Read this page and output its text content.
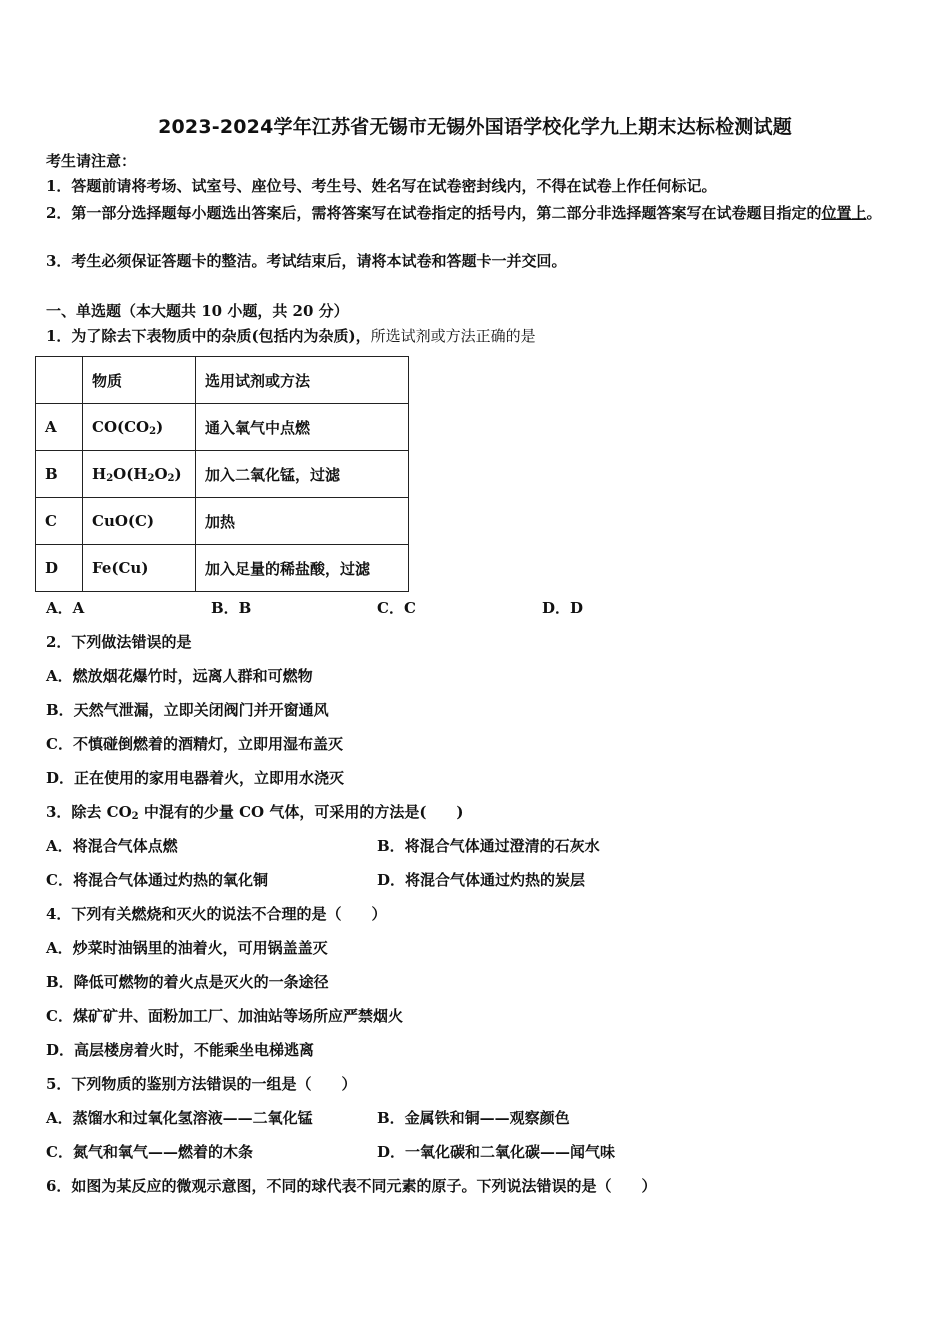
2023-2024学年江苏省无锡市无锡外国语学校化学九上期末达标检测试题
考生请注意：
1．答题前请将考场、试室号、座位号、考生号、姓名写在试卷密封线内，不得在试卷上作任何标记。
2．第一部分选择题每小题选出答案后，需将答案写在试卷指定的括号内，第二部分非选择题答案写在试卷题目指定的位置上。
3．考生必须保证答题卡的整洁。考试结束后，请将本试卷和答题卡一并交回。
一、单选题（本大题共 10 小题，共 20 分）
1．为了除去下表物质中的杂质(包括内为杂质)，所选试剂或方法正确的是
	物质	选用试剂或方法
A	$CO(CO_2)$	通入氧气中点燃
B	$H_2O(H_2O_2)$	加入二氧化锰，过滤
C	CuO(C)	加热
D	Fe(Cu)	加入足量的稀盐酸，过滤
A．A	B．B	C．C	D．D
2．下列做法错误的是
A．燃放烟花爆竹时，远离人群和可燃物
B．天然气泄漏，立即关闭阀门并开窗通风
C．不慎碰倒燃着的酒精灯，立即用湿布盖灭
D．正在使用的家用电器着火，立即用水浇灭
3．除去 $CO_2$ 中混有的少量 CO 气体，可采用的方法是(　　)
A．将混合气体点燃	B．将混合气体通过澄清的石灰水
C．将混合气体通过灼热的氧化铜	D．将混合气体通过灼热的炭层
4．下列有关燃烧和灭火的说法不合理的是（　　）
A．炒菜时油锅里的油着火，可用锅盖盖灭
B．降低可燃物的着火点是灭火的一条途径
C．煤矿矿井、面粉加工厂、加油站等场所应严禁烟火
D．高层楼房着火时，不能乘坐电梯逃离
5．下列物质的鉴别方法错误的一组是（　　）
A．蒸馏水和过氧化氢溶液——二氧化锰	B．金属铁和铜——观察颜色
C．氮气和氧气——燃着的木条	D．一氧化碳和二氧化碳——闻气味
6．如图为某反应的微观示意图，不同的球代表不同元素的原子。下列说法错误的是（　　）
